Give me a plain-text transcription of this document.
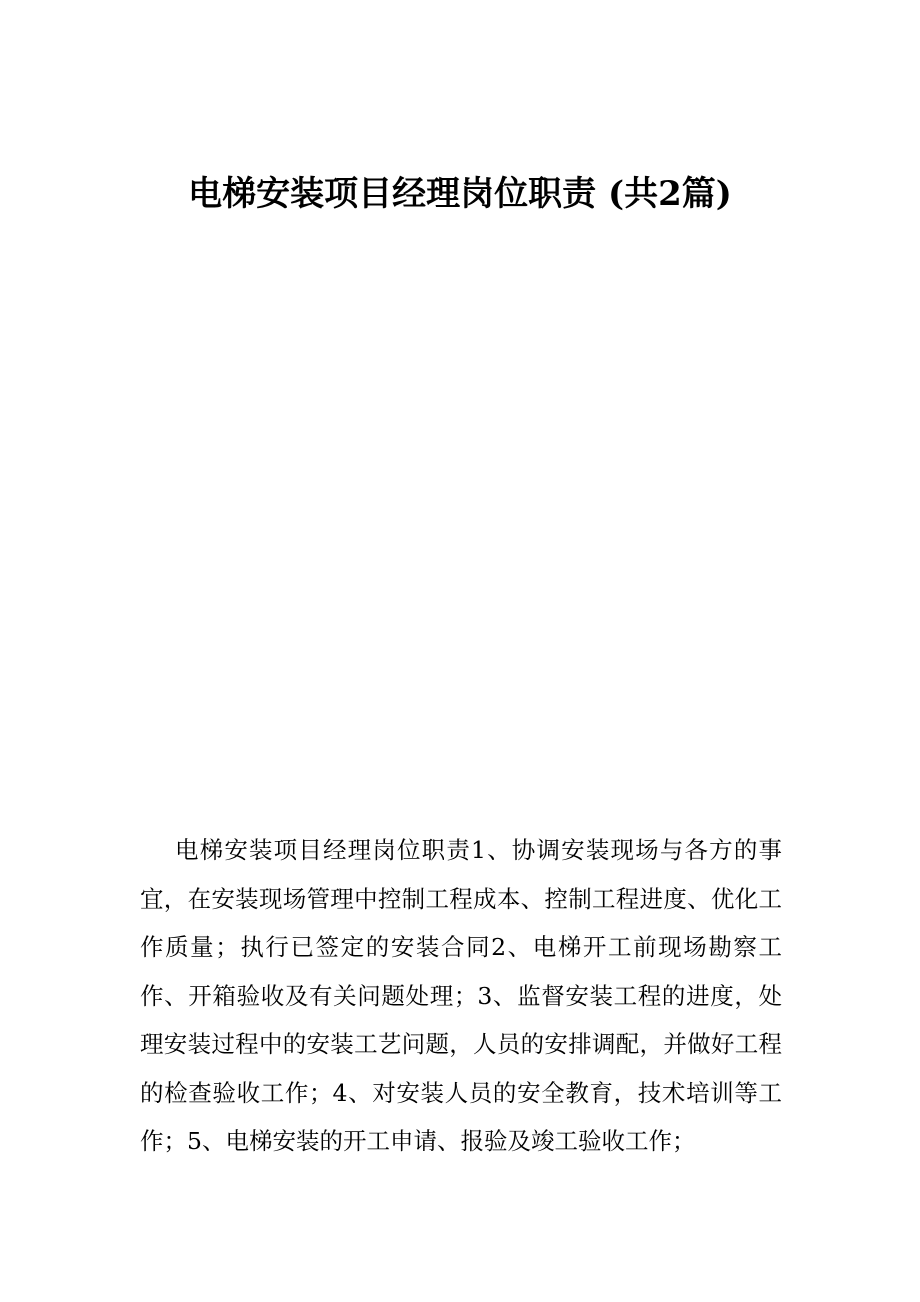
电梯安装项目经理岗位职责 (共2篇)

电梯安装项目经理岗位职责1、协调安装现场与各方的事宜，在安装现场管理中控制工程成本、控制工程进度、优化工作质量；执行已签定的安装合同2、电梯开工前现场勘察工作、开箱验收及有关问题处理；3、监督安装工程的进度，处理安装过程中的安装工艺问题，人员的安排调配，并做好工程的检查验收工作；4、对安装人员的安全教育，技术培训等工作；5、电梯安装的开工申请、报验及竣工验收工作；
